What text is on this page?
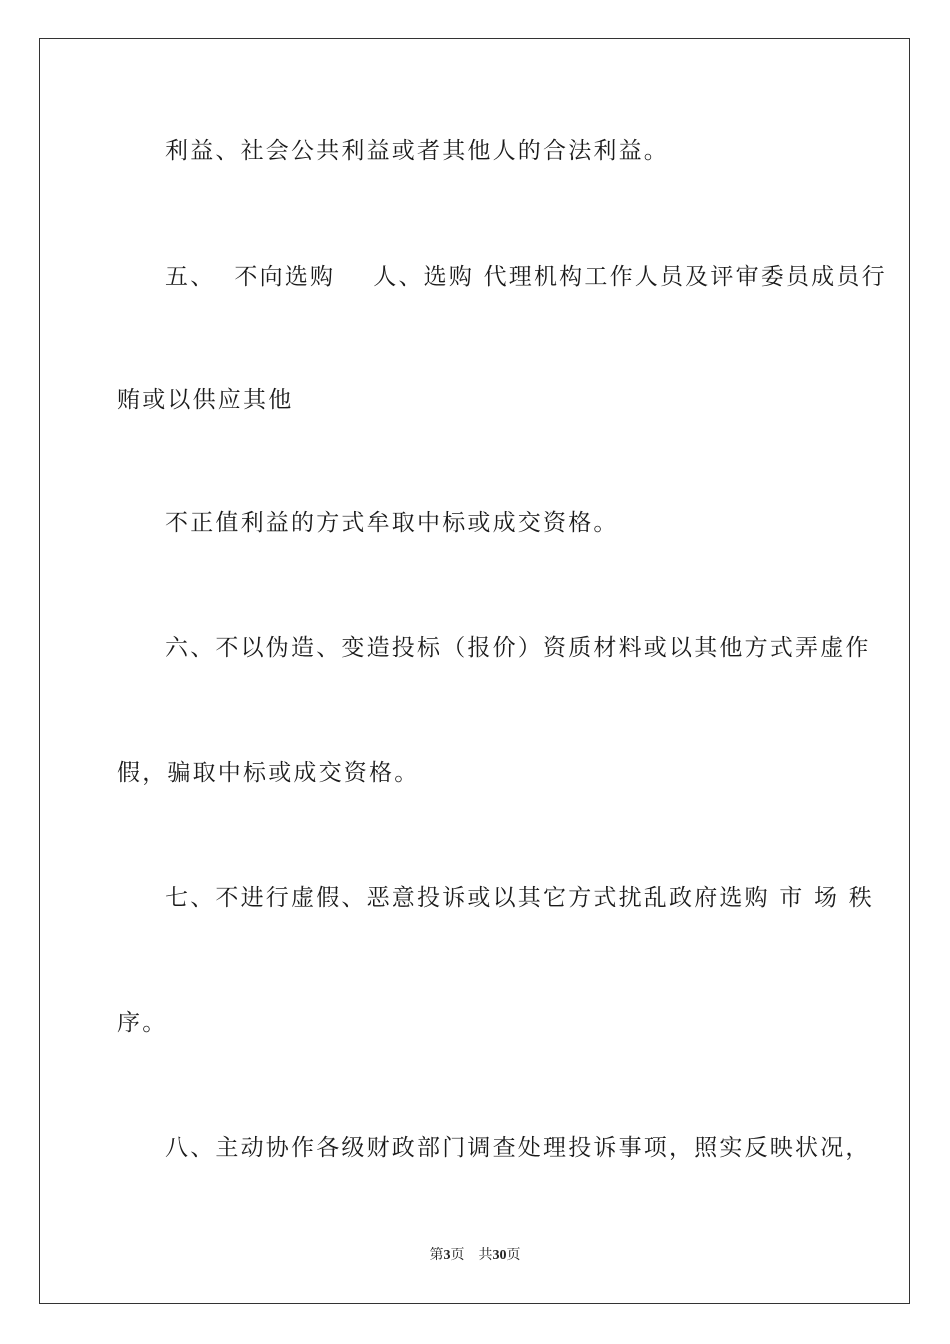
利益、社会公共利益或者其他人的合法利益。
五、  不向选购    人、选购 代理机构工作人员及评审委员成员行
贿或以供应其他
不正值利益的方式牟取中标或成交资格。
六、不以伪造、变造投标（报价）资质材料或以其他方式弄虚作
假，骗取中标或成交资格。
七、不进行虚假、恶意投诉或以其它方式扰乱政府选购 市 场 秩
序。
八、主动协作各级财政部门调查处理投诉事项，照实反映状况，
第3页 共30页
